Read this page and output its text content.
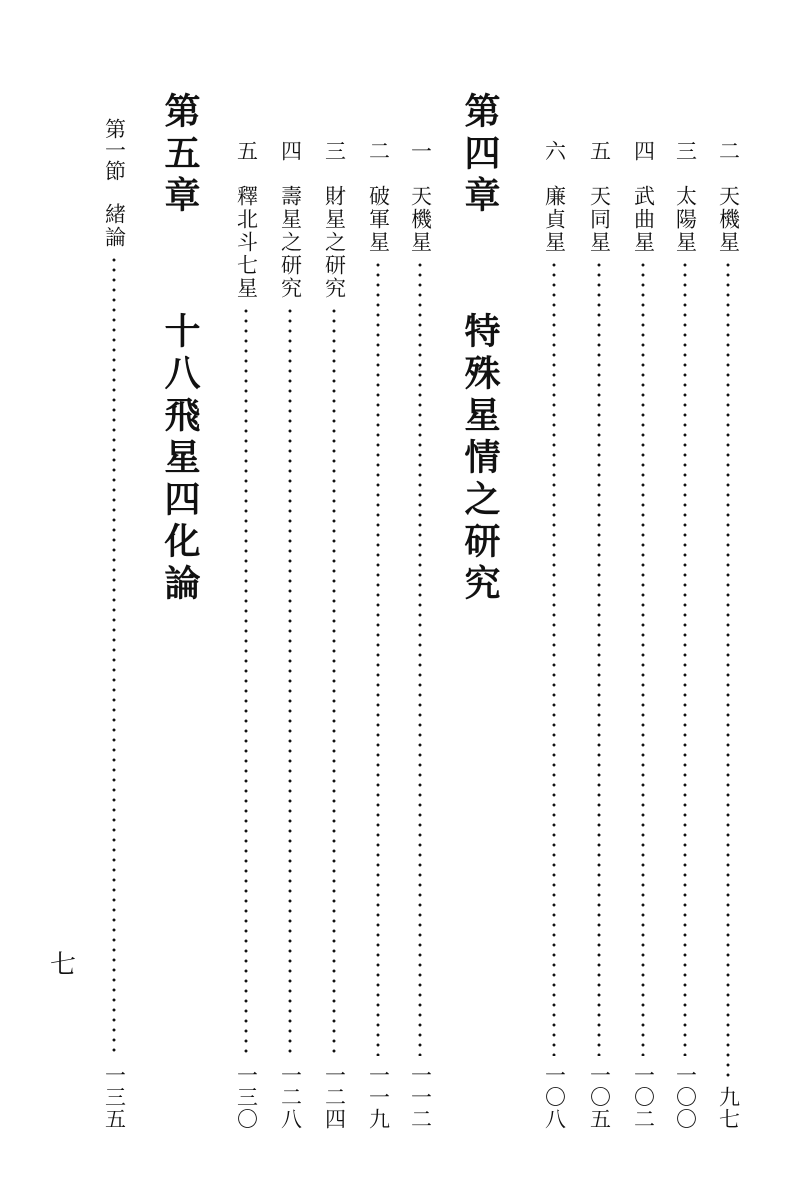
二
天機星
九七
三
太陽星
一〇〇
四
武曲星
一〇二
五
天同星
一〇五
六
廉貞星
一〇八
第四章 特殊星情之研究
一
天機星
一一二
二
破軍星
一一九
三
財星之研究
一二四
四
壽星之研究
一二八
五
釋北斗七星
一三〇
第五章 十八飛星四化論
第一節
緒論
一三五
七
